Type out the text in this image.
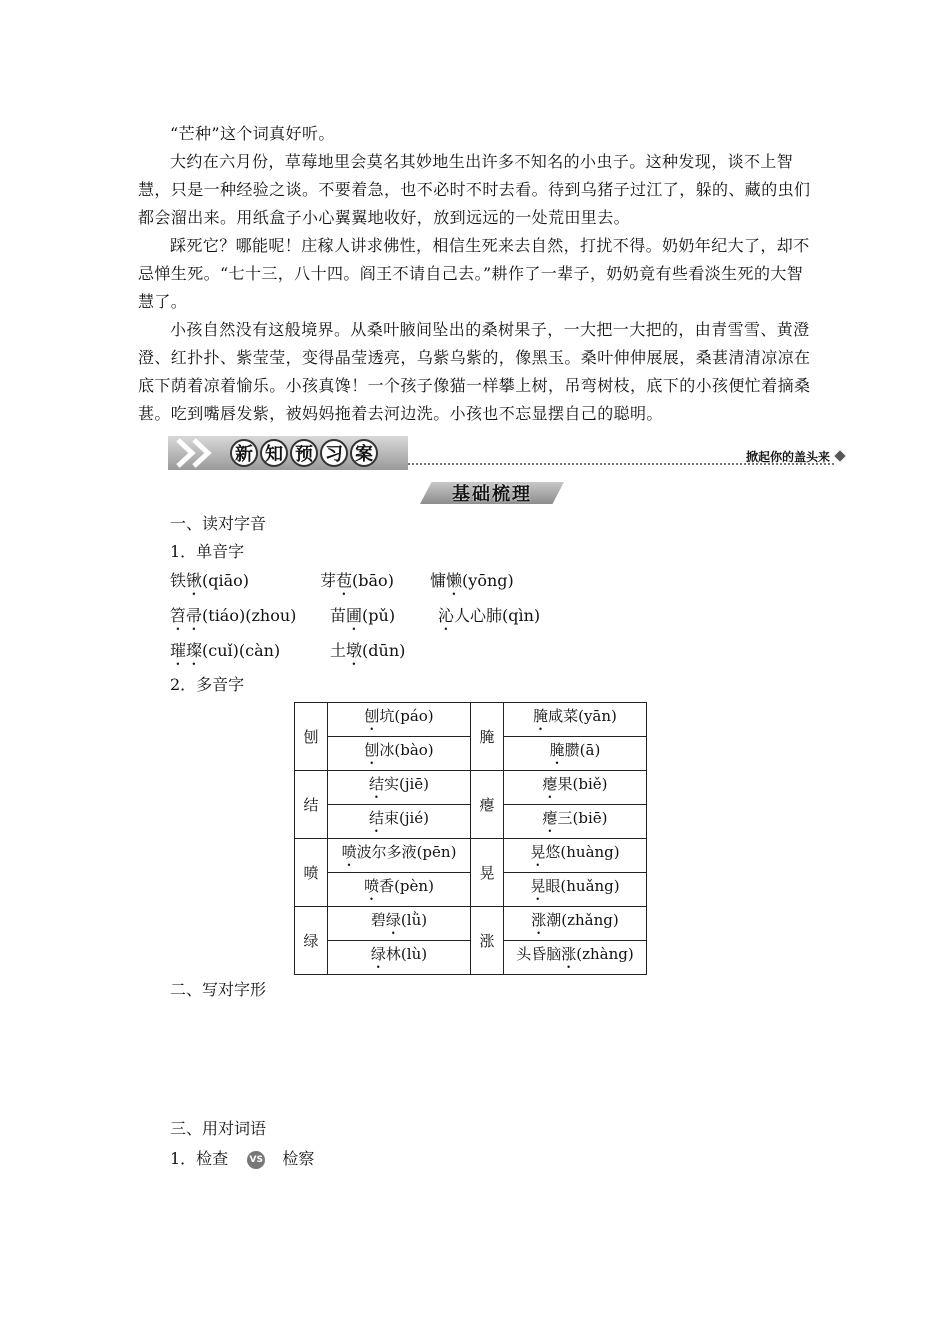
“芒种”这个词真好听。

大约在六月份，草莓地里会莫名其妙地生出许多不知名的小虫子。这种发现，谈不上智慧，只是一种经验之谈。不要着急，也不必时不时去看。待到乌猪子过江了，躲的、藏的虫们都会溜出来。用纸盒子小心翼翼地收好，放到远远的一处荒田里去。

踩死它？哪能呢！庄稼人讲求佛性，相信生死来去自然，打扰不得。奶奶年纪大了，却不忌惮生死。“七十三，八十四。阎王不请自己去。”耕作了一辈子，奶奶竟有些看淡生死的大智慧了。

小孩自然没有这般境界。从桑叶腋间坠出的桑树果子，一大把一大把的，由青雪雪、黄澄澄、红扑扑、紫莹莹，变得晶莹透亮，乌紫乌紫的，像黑玉。桑叶伸伸展展，桑葚清清凉凉在底下荫着凉着愉乐。小孩真馋！一个孩子像猫一样攀上树，吊弯树枝，底下的小孩便忙着摘桑葚。吃到嘴唇发紫，被妈妈拖着去河边洗。小孩也不忘显摆自己的聪明。

新 知 预 习 案	掀起你的盖头来
基础梳理
一、读对字音
1．单音字
铁锹(qiāo)	芽苞(bāo) 慵懒(yōng)
笤帚(tiáo)(zhou) 苗圃(pǔ)	沁人心肺(qìn)
璀璨(cuǐ)(càn)	土墩(dūn)
2．多音字
刨	刨坑(páo)	腌	腌咸菜(yān)
	刨冰(bào)		腌臜(ā)
结	结实(jiē)	瘪	瘪果(biě)
	结束(jié)		瘪三(biē)
喷	喷波尔多液(pēn)	晃	晃悠(huàng)
	喷香(pèn)		晃眼(huǎng)
绿	碧绿(lǜ)	涨	涨潮(zhǎng)
	绿林(lù)		头昏脑涨(zhàng)
二、写对字形
三、用对词语
1．检查 VS 检察
